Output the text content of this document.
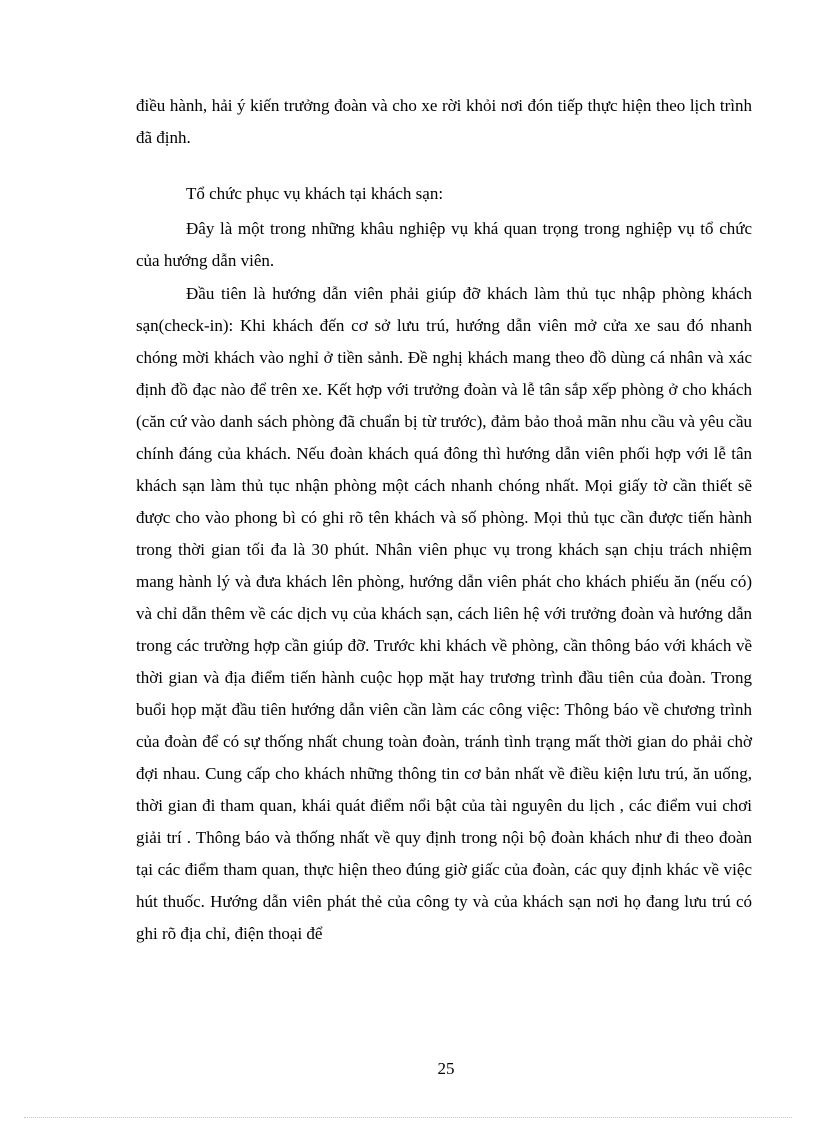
điều hành, hải ý kiến trưởng đoàn và cho xe rời khỏi nơi đón tiếp thực hiện theo lịch trình đã định.

Tổ chức phục vụ khách tại khách sạn:

Đây là một trong những khâu nghiệp vụ khá quan trọng trong nghiệp vụ tổ chức của hướng dẫn viên.

Đầu tiên là hướng dẫn viên phải giúp đỡ khách làm thủ tục nhập phòng khách sạn(check-in): Khi khách đến cơ sở lưu trú, hướng dẫn viên mở cửa xe sau đó nhanh chóng mời khách vào nghỉ ở tiền sảnh. Đề nghị khách mang theo đồ dùng cá nhân và xác định đồ đạc nào để trên xe. Kết hợp với trưởng đoàn và lễ tân sắp xếp phòng ở cho khách (căn cứ vào danh sách phòng đã chuẩn bị từ trước), đảm bảo thoả mãn nhu cầu và yêu cầu chính đáng của khách. Nếu đoàn khách quá đông thì hướng dẫn viên phối hợp với lễ tân khách sạn làm thủ tục nhận phòng một cách nhanh chóng nhất. Mọi giấy tờ cần thiết sẽ được cho vào phong bì có ghi rõ tên khách và số phòng. Mọi thủ tục cần được tiến hành trong thời gian tối đa là 30 phút. Nhân viên phục vụ trong khách sạn chịu trách nhiệm mang hành lý và đưa khách lên phòng, hướng dẫn viên phát cho khách phiếu ăn (nếu có) và chỉ dẫn thêm về các dịch vụ của khách sạn, cách liên hệ với trưởng đoàn và hướng dẫn trong các trường hợp cần giúp đỡ. Trước khi khách về phòng, cần thông báo với khách về thời gian và địa điểm tiến hành cuộc họp mặt hay trương trình đầu tiên của đoàn. Trong buổi họp mặt đầu tiên hướng dẫn viên cần làm các công việc: Thông báo về chương trình của đoàn để có sự thống nhất chung toàn đoàn, tránh tình trạng mất thời gian do phải chờ đợi nhau. Cung cấp cho khách những thông tin cơ bản nhất về điều kiện lưu trú, ăn uống, thời gian đi tham quan, khái quát điểm nổi bật của tài nguyên du lịch , các điểm vui chơi giải trí . Thông báo và thống nhất về quy định trong nội bộ đoàn khách như đi theo đoàn tại các điểm tham quan, thực hiện theo đúng giờ giấc của đoàn, các quy định khác về việc hút thuốc. Hướng dẫn viên phát thẻ của công ty và của khách sạn nơi họ đang lưu trú có ghi rõ địa chỉ, điện thoại để

25
